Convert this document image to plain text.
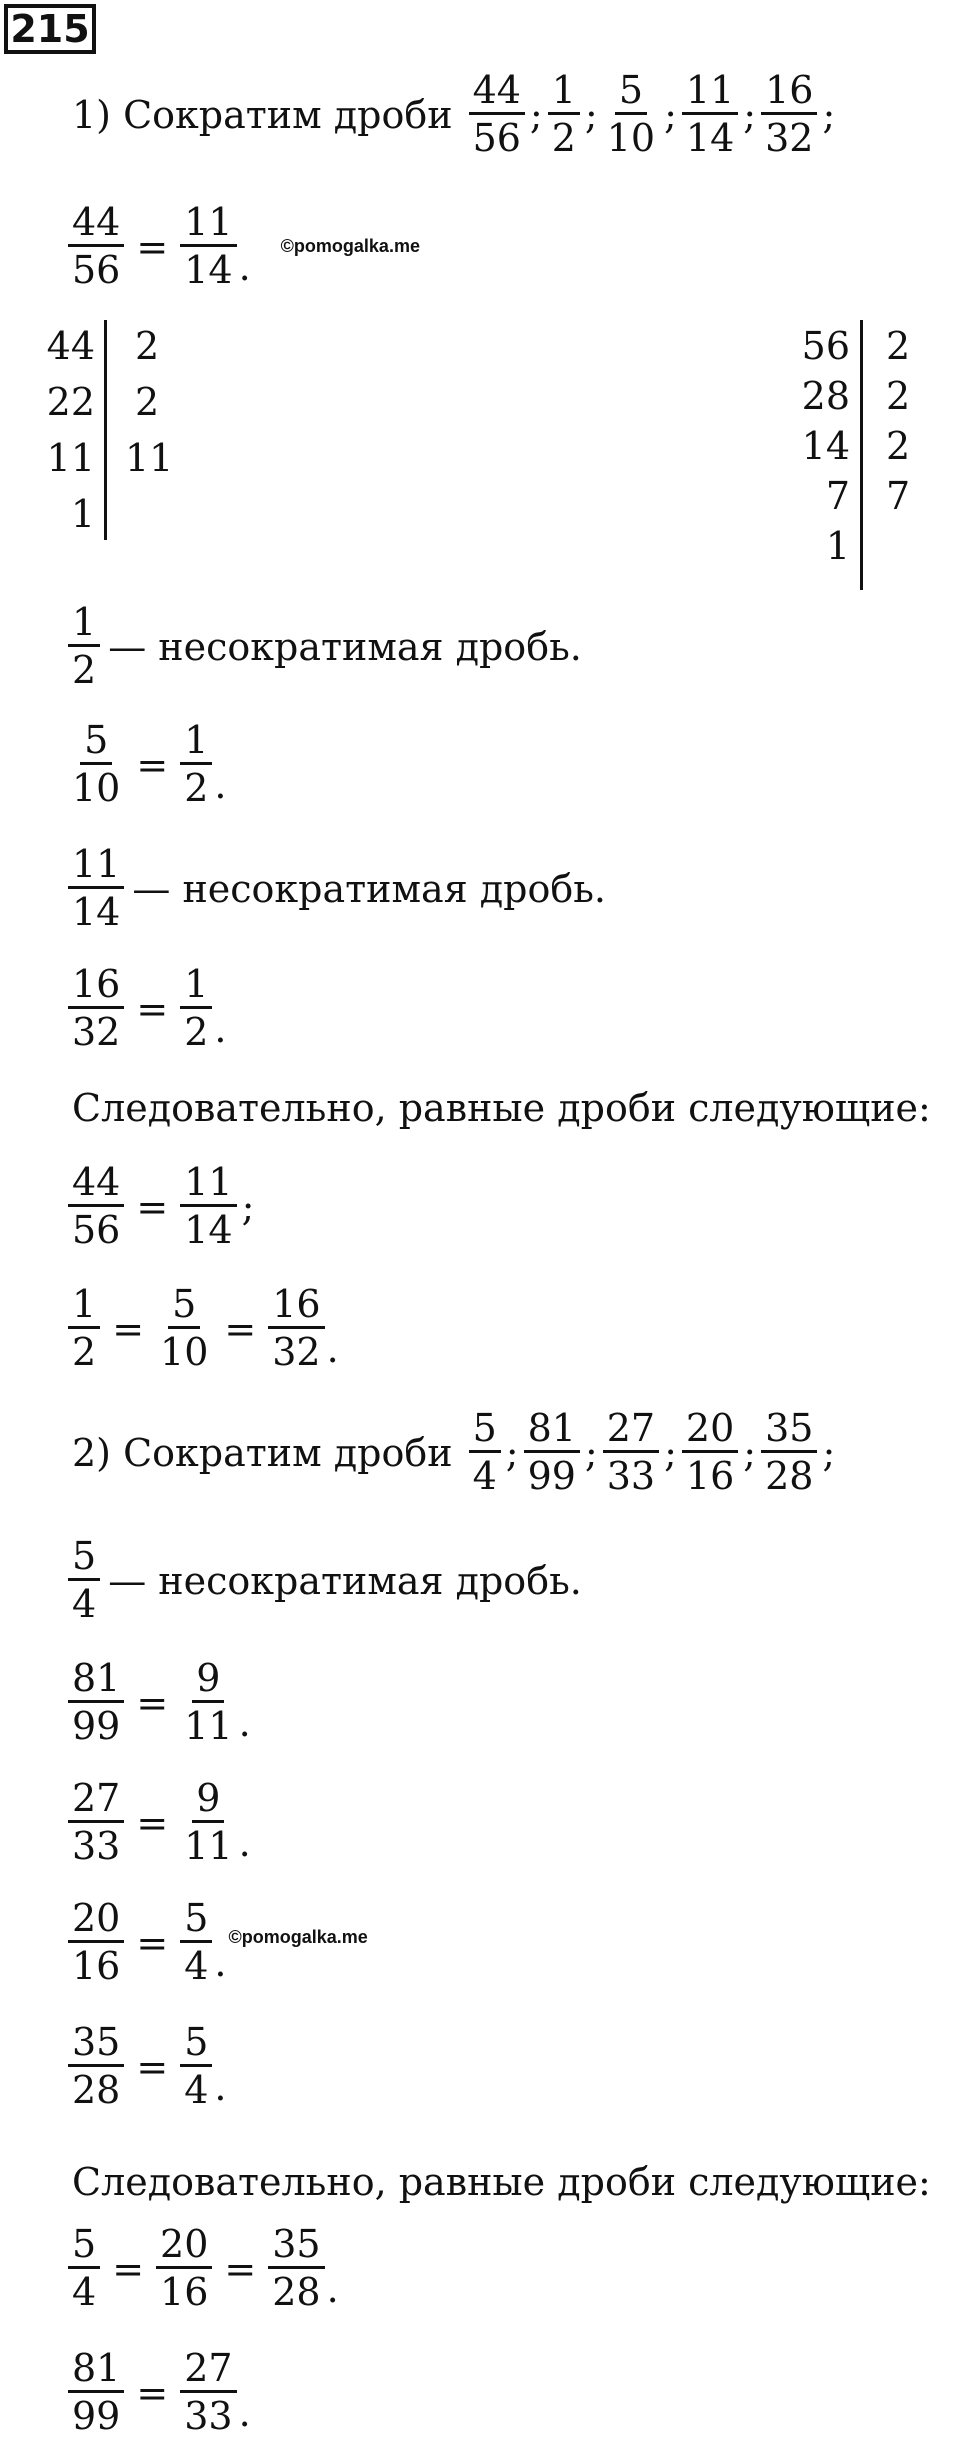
215
1) Сократим дроби $\frac{44}{56}$ ; $\frac{1}{2}$ ; $\frac{5}{10}$ ; $\frac{11}{14}$ ; $\frac{16}{32}$ ;
$\frac{44}{56} = \frac{11}{14}$ . ©pomogalka.me
44
22
11
1
2
2
11
56
28
14
7
1
2
2
2
7
$\frac{1}{2}$ — несократимая дробь.
$\frac{5}{10} = \frac{1}{2}$ .
$\frac{11}{14}$ — несократимая дробь.
$\frac{16}{32} = \frac{1}{2}$ .
Следовательно, равные дроби следующие:
$\frac{44}{56} = \frac{11}{14}$ ;
$\frac{1}{2} = \frac{5}{10} = \frac{16}{32}$ .
2) Сократим дроби $\frac{5}{4}$ ; $\frac{81}{99}$ ; $\frac{27}{33}$ ; $\frac{20}{16}$ ; $\frac{35}{28}$ ;
$\frac{5}{4}$ — несократимая дробь.
$\frac{81}{99} = \frac{9}{11}$ .
$\frac{27}{33} = \frac{9}{11}$ .
$\frac{20}{16} = \frac{5}{4}$ .
©pomogalka.me
$\frac{35}{28} = \frac{5}{4}$ .
Следовательно, равные дроби следующие:
$\frac{5}{4} = \frac{20}{16} = \frac{35}{28}$ .
$\frac{81}{99} = \frac{27}{33}$ .
